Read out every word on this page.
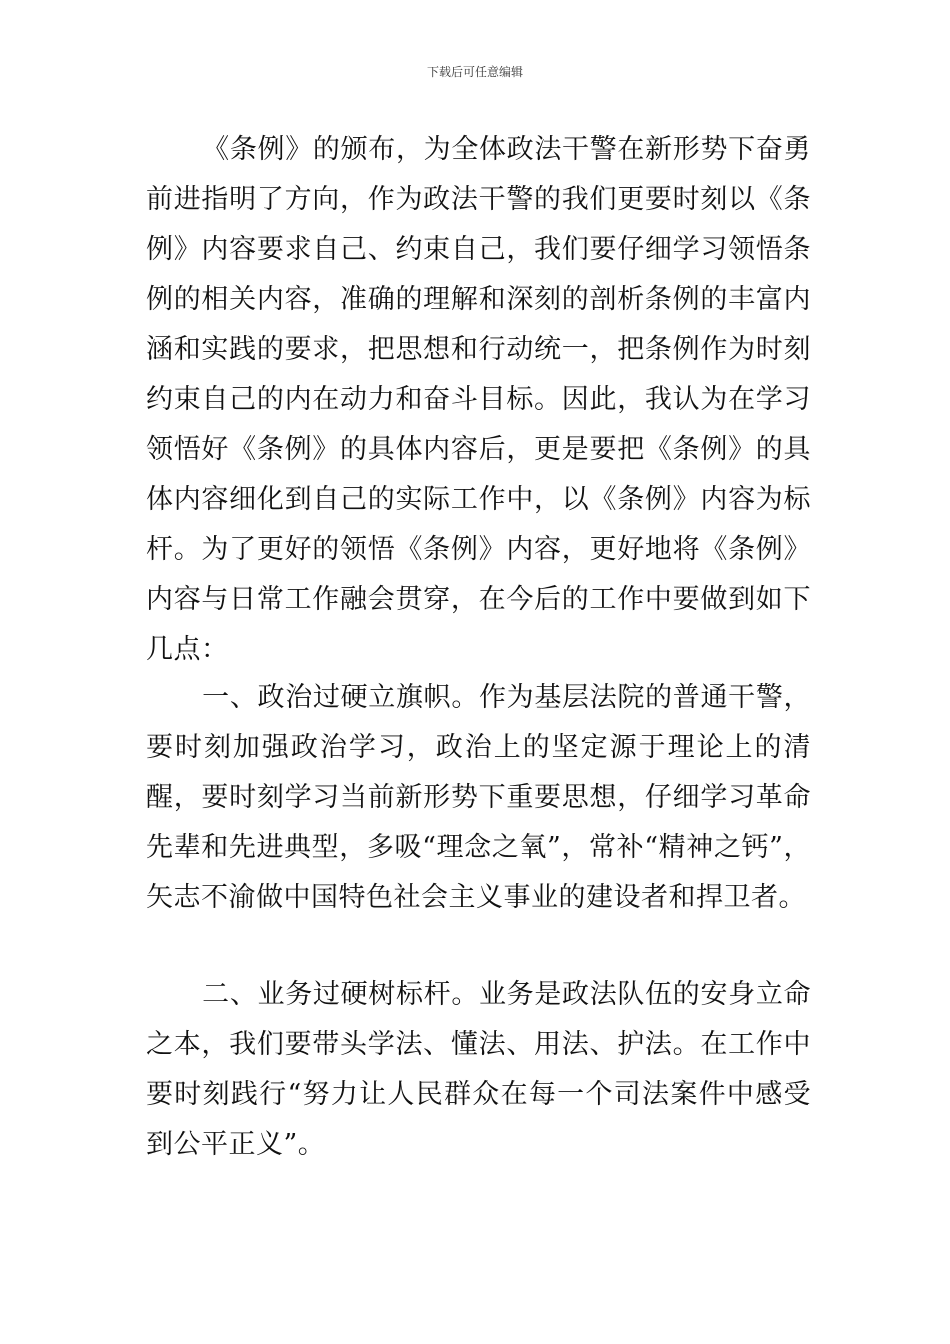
下载后可任意编辑

《条例》的颁布，为全体政法干警在新形势下奋勇前进指明了方向，作为政法干警的我们更要时刻以《条例》内容要求自己、约束自己，我们要仔细学习领悟条例的相关内容，准确的理解和深刻的剖析条例的丰富内涵和实践的要求，把思想和行动统一，把条例作为时刻约束自己的内在动力和奋斗目标。因此，我认为在学习领悟好《条例》的具体内容后，更是要把《条例》的具体内容细化到自己的实际工作中，以《条例》内容为标杆。为了更好的领悟《条例》内容，更好地将《条例》内容与日常工作融会贯穿，在今后的工作中要做到如下几点：

一、政治过硬立旗帜。作为基层法院的普通干警，要时刻加强政治学习，政治上的坚定源于理论上的清醒，要时刻学习当前新形势下重要思想，仔细学习革命先辈和先进典型，多吸“理念之氧”，常补“精神之钙”，矢志不渝做中国特色社会主义事业的建设者和捍卫者。

二、业务过硬树标杆。业务是政法队伍的安身立命之本，我们要带头学法、懂法、用法、护法。在工作中要时刻践行“努力让人民群众在每一个司法案件中感受到公平正义”。
